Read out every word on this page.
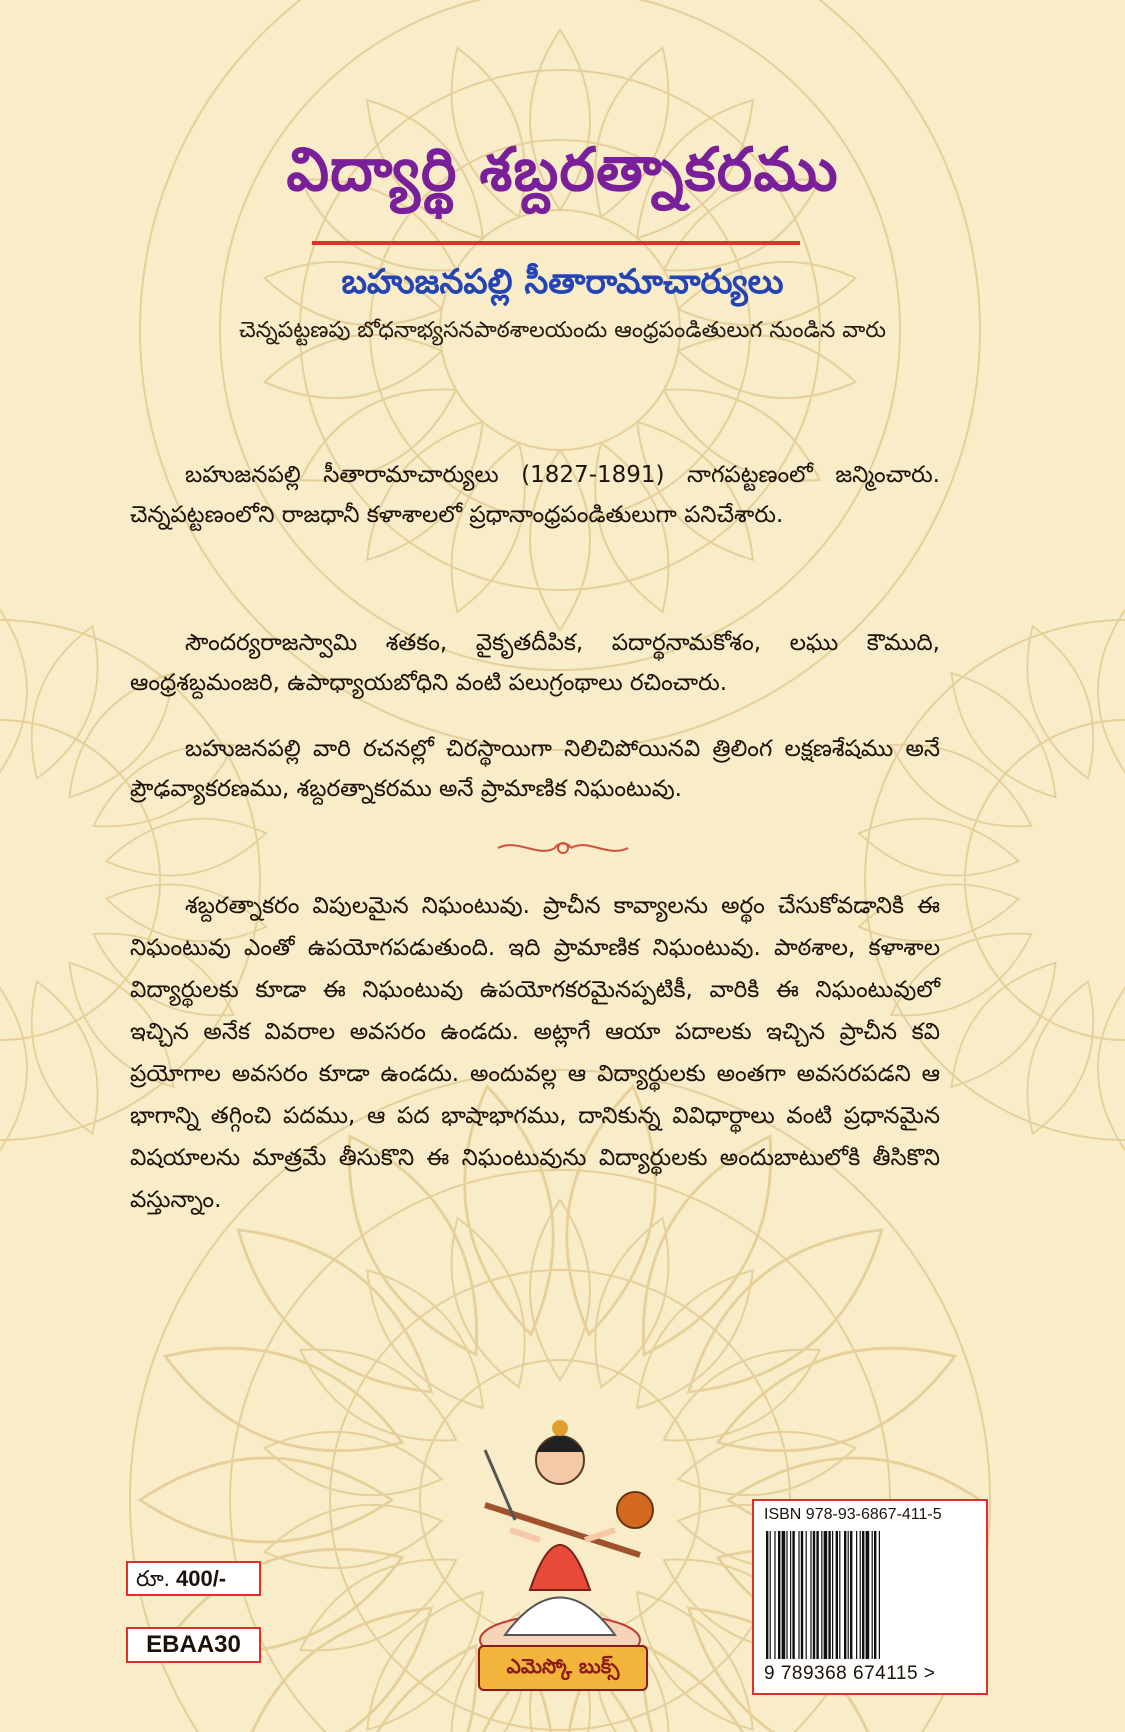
విద్యార్థి శబ్దరత్నాకరము
బహుజనపల్లి సీతారామాచార్యులు
చెన్నపట్టణపు బోధనాభ్యసనపాఠశాలయందు ఆంధ్రపండితులుగ నుండిన వారు

బహుజనపల్లి సీతారామాచార్యులు (1827-1891) నాగపట్టణంలో జన్మించారు. చెన్నపట్టణంలోని రాజధానీ కళాశాలలో ప్రధానాంధ్రపండితులుగా పనిచేశారు.

సౌందర్యరాజస్వామి శతకం, వైకృతదీపిక, పదార్థనామకోశం, లఘు కౌముది, ఆంధ్రశబ్దమంజరి, ఉపాధ్యాయబోధిని వంటి పలుగ్రంథాలు రచించారు.

బహుజనపల్లి వారి రచనల్లో చిరస్థాయిగా నిలిచిపోయినవి త్రిలింగ లక్షణశేషము అనే ప్రౌఢవ్యాకరణము, శబ్దరత్నాకరము అనే ప్రామాణిక నిఘంటువు.

శబ్దరత్నాకరం విపులమైన నిఘంటువు. ప్రాచీన కావ్యాలను అర్థం చేసుకోవడానికి ఈ నిఘంటువు ఎంతో ఉపయోగపడుతుంది. ఇది ప్రామాణిక నిఘంటువు. పాఠశాల, కళాశాల విద్యార్థులకు కూడా ఈ నిఘంటువు ఉపయోగకరమైనప్పటికీ, వారికి ఈ నిఘంటువులో ఇచ్చిన అనేక వివరాల అవసరం ఉండదు. అట్లాగే ఆయా పదాలకు ఇచ్చిన ప్రాచీన కవి ప్రయోగాల అవసరం కూడా ఉండదు. అందువల్ల ఆ విద్యార్థులకు అంతగా అవసరపడని ఆ భాగాన్ని తగ్గించి పదము, ఆ పద భాషాభాగము, దానికున్న వివిధార్థాలు వంటి ప్రధానమైన విషయాలను మాత్రమే తీసుకొని ఈ నిఘంటువును విద్యార్థులకు అందుబాటులోకి తీసికొని వస్తున్నాం.

ఎమెస్కో బుక్స్
రూ. 400/-
EBAA30
ISBN 978-93-6867-411-5
9 789368 674115 >
